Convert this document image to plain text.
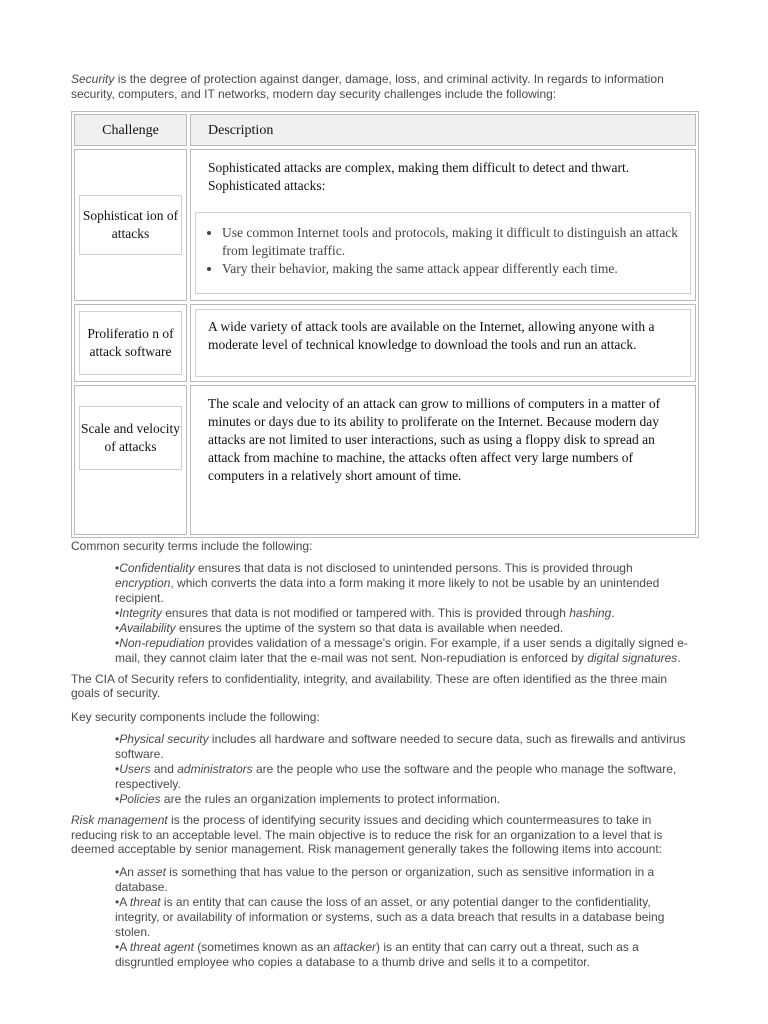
Security is the degree of protection against danger, damage, loss, and criminal activity. In regards to information security, computers, and IT networks, modern day security challenges include the following:

Challenge	Description
Sophisticat ion of attacks
Sophisticated attacks are complex, making them difficult to detect and thwart. Sophisticated attacks:
• Use common Internet tools and protocols, making it difficult to distinguish an attack from legitimate traffic.
• Vary their behavior, making the same attack appear differently each time.
Proliferatio n of attack software
A wide variety of attack tools are available on the Internet, allowing anyone with a moderate level of technical knowledge to download the tools and run an attack.
Scale and velocity of attacks
The scale and velocity of an attack can grow to millions of computers in a matter of minutes or days due to its ability to proliferate on the Internet. Because modern day attacks are not limited to user interactions, such as using a floppy disk to spread an attack from machine to machine, the attacks often affect very large numbers of computers in a relatively short amount of time.

Common security terms include the following:

•Confidentiality ensures that data is not disclosed to unintended persons. This is provided through encryption, which converts the data into a form making it more likely to not be usable by an unintended recipient.
•Integrity ensures that data is not modified or tampered with. This is provided through hashing.
•Availability ensures the uptime of the system so that data is available when needed.
•Non-repudiation provides validation of a message's origin. For example, if a user sends a digitally signed e-mail, they cannot claim later that the e-mail was not sent. Non-repudiation is enforced by digital signatures.

The CIA of Security refers to confidentiality, integrity, and availability. These are often identified as the three main goals of security.

Key security components include the following:

•Physical security includes all hardware and software needed to secure data, such as firewalls and antivirus software.
•Users and administrators are the people who use the software and the people who manage the software, respectively.
•Policies are the rules an organization implements to protect information.

Risk management is the process of identifying security issues and deciding which countermeasures to take in reducing risk to an acceptable level. The main objective is to reduce the risk for an organization to a level that is deemed acceptable by senior management. Risk management generally takes the following items into account:

•An asset is something that has value to the person or organization, such as sensitive information in a database.
•A threat is an entity that can cause the loss of an asset, or any potential danger to the confidentiality, integrity, or availability of information or systems, such as a data breach that results in a database being stolen.
•A threat agent (sometimes known as an attacker) is an entity that can carry out a threat, such as a disgruntled employee who copies a database to a thumb drive and sells it to a competitor.
